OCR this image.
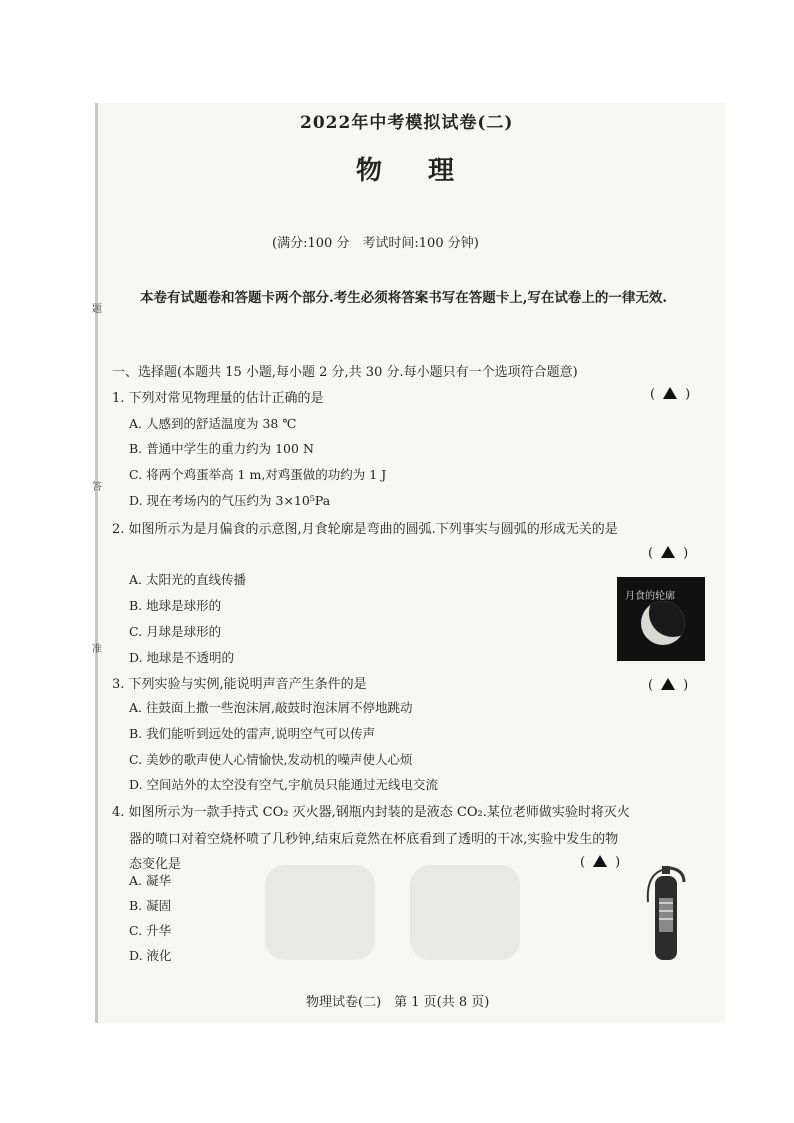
题
答
准
2022年中考模拟试卷(二)
物理
(满分:100 分　考试时间:100 分钟)
本卷有试题卷和答题卡两个部分.考生必须将答案书写在答题卡上,写在试卷上的一律无效.
一、选择题(本题共 15 小题,每小题 2 分,共 30 分.每小题只有一个选项符合题意)
1. 下列对常见物理量的估计正确的是	( )
A. 人感到的舒适温度为 38 ℃
B. 普通中学生的重力约为 100 N
C. 将两个鸡蛋举高 1 m,对鸡蛋做的功约为 1 J
D. 现在考场内的气压约为 3×10⁵Pa
2. 如图所示为是月偏食的示意图,月食轮廓是弯曲的圆弧.下列事实与圆弧的形成无关的是
( )
A. 太阳光的直线传播
B. 地球是球形的
C. 月球是球形的
D. 地球是不透明的
月食的轮廓
3. 下列实验与实例,能说明声音产生条件的是	( )
A. 往鼓面上撒一些泡沫屑,敲鼓时泡沫屑不停地跳动
B. 我们能听到远处的雷声,说明空气可以传声
C. 美妙的歌声使人心情愉快,发动机的噪声使人心烦
D. 空间站外的太空没有空气,宇航员只能通过无线电交流
4. 如图所示为一款手持式 CO₂ 灭火器,钢瓶内封装的是液态 CO₂.某位老师做实验时将灭火
器的喷口对着空烧杯喷了几秒钟,结束后竟然在杯底看到了透明的干冰,实验中发生的物
态变化是	( )
A. 凝华
B. 凝固
C. 升华
D. 液化
物理试卷(二)　第 1 页(共 8 页)
